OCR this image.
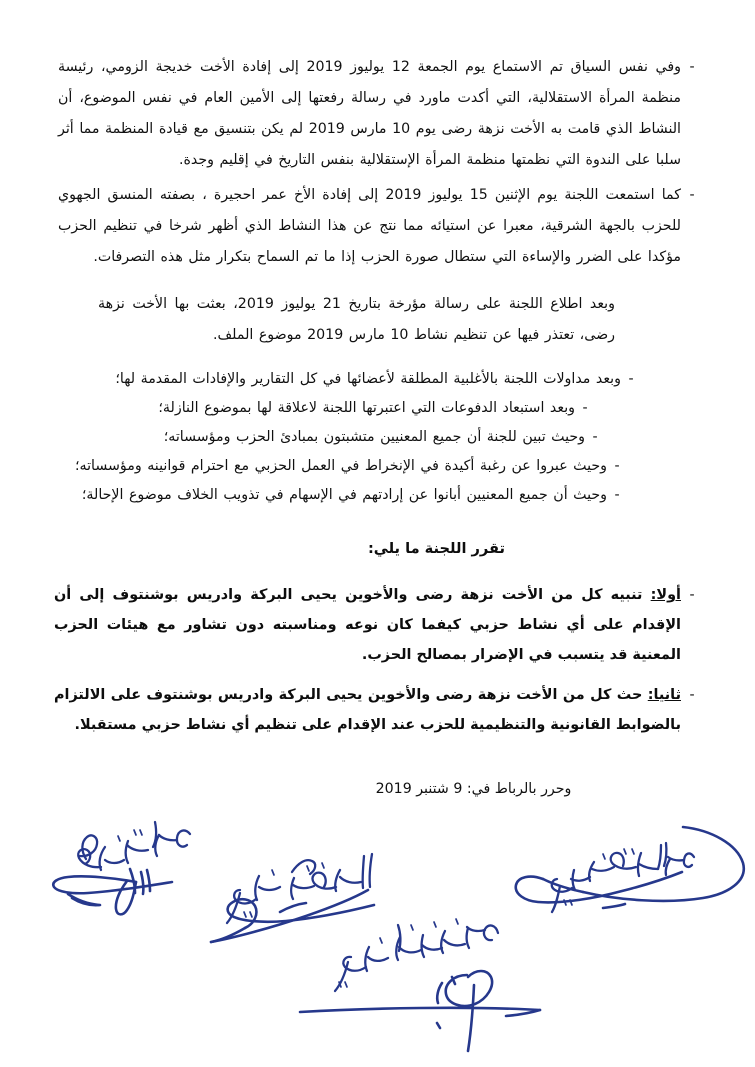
-
وفي نفس السياق تم الاستماع يوم الجمعة 12 يوليوز 2019 إلى إفادة الأخت خديجة الزومي، رئيسة منظمة المرأة الاستقلالية، التي أكدت ماورد في رسالة رفعتها إلى الأمين العام في نفس الموضوع، أن النشاط الذي قامت به الأخت نزهة رضى يوم 10 مارس 2019 لم يكن بتنسيق مع قيادة المنظمة مما أثر سلبا على الندوة التي نظمتها منظمة المرأة الإستقلالية بنفس التاريخ في إقليم وجدة.
-
كما استمعت اللجنة يوم الإثنين 15 يوليوز 2019 إلى إفادة الأخ عمر احجيرة ، بصفته المنسق الجهوي للحزب بالجهة الشرقية، معبرا عن استيائه مما نتج عن هذا النشاط الذي أظهر شرخا في تنظيم الحزب مؤكدا على الضرر والإساءة التي ستطال صورة الحزب إذا ما تم السماح بتكرار مثل هذه التصرفات.
وبعد اطلاع اللجنة على رسالة مؤرخة بتاريخ 21 يوليوز 2019، بعثت بها الأخت نزهة رضى، تعتذر فيها عن تنظيم نشاط 10 مارس 2019 موضوع الملف.
-
وبعد مداولات اللجنة بالأغلبية المطلقة لأعضائها في كل التقارير والإفادات المقدمة لها؛
-
وبعد استبعاد الدفوعات التي اعتبرتها اللجنة لاعلاقة لها بموضوع النازلة؛
-
وحيث تبين للجنة أن جميع المعنيين متشبتون بمبادئ الحزب ومؤسساته؛
-
وحيث عبروا عن رغبة أكيدة في الإنخراط في العمل الحزبي مع احترام قوانينه ومؤسساته؛
-
وحيث أن جميع المعنيين أبانوا عن إرادتهم في الإسهام في تذويب الخلاف موضوع الإحالة؛
تقرر اللجنة ما يلي:
-
أولا: تنبيه كل من الأخت نزهة رضى والأخوين يحيى البركة وادريس بوشنتوف إلى أن الإقدام على أي نشاط حزبي كيفما كان نوعه ومناسبته دون تشاور مع هيئات الحزب المعنية قد يتسبب في الإضرار بمصالح الحزب.
-
ثانيا: حث كل من الأخت نزهة رضى والأخوين يحيى البركة وادريس بوشنتوف على الالتزام بالضوابط القانونية والتنظيمية للحزب عند الإقدام على تنظيم أي نشاط حزبي مستقبلا.
وحرر بالرباط في: 9 شتنبر 2019
